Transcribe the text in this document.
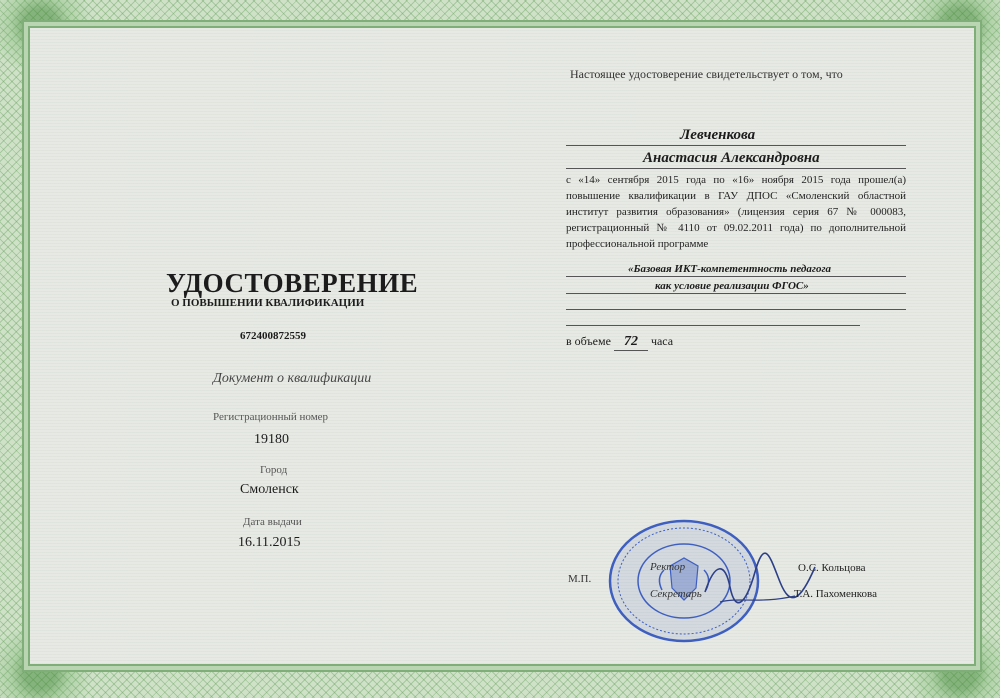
УДОСТОВЕРЕНИЕ
О ПОВЫШЕНИИ КВАЛИФИКАЦИИ
672400872559
Документ о квалификации
Регистрационный номер
19180
Город
Смоленск
Дата выдачи
16.11.2015
Настоящее удостоверение свидетельствует о том, что
Левченкова
Анастасия Александровна
с «14» сентября 2015 года по «16» ноября 2015 года прошел(а) повышение квалификации в ГАУ ДПОС «Смоленский областной институт развития образования» (лицензия серия 67 № 000083, регистрационный № 4110 от 09.02.2011 года) по дополнительной профессиональной программе
«Базовая ИКТ-компетентность педагога
как условие реализации ФГОС»
в объеме 72 часа
М.П.
Ректор	О.С. Кольцова
Секретарь	Т.А. Пахоменкова
